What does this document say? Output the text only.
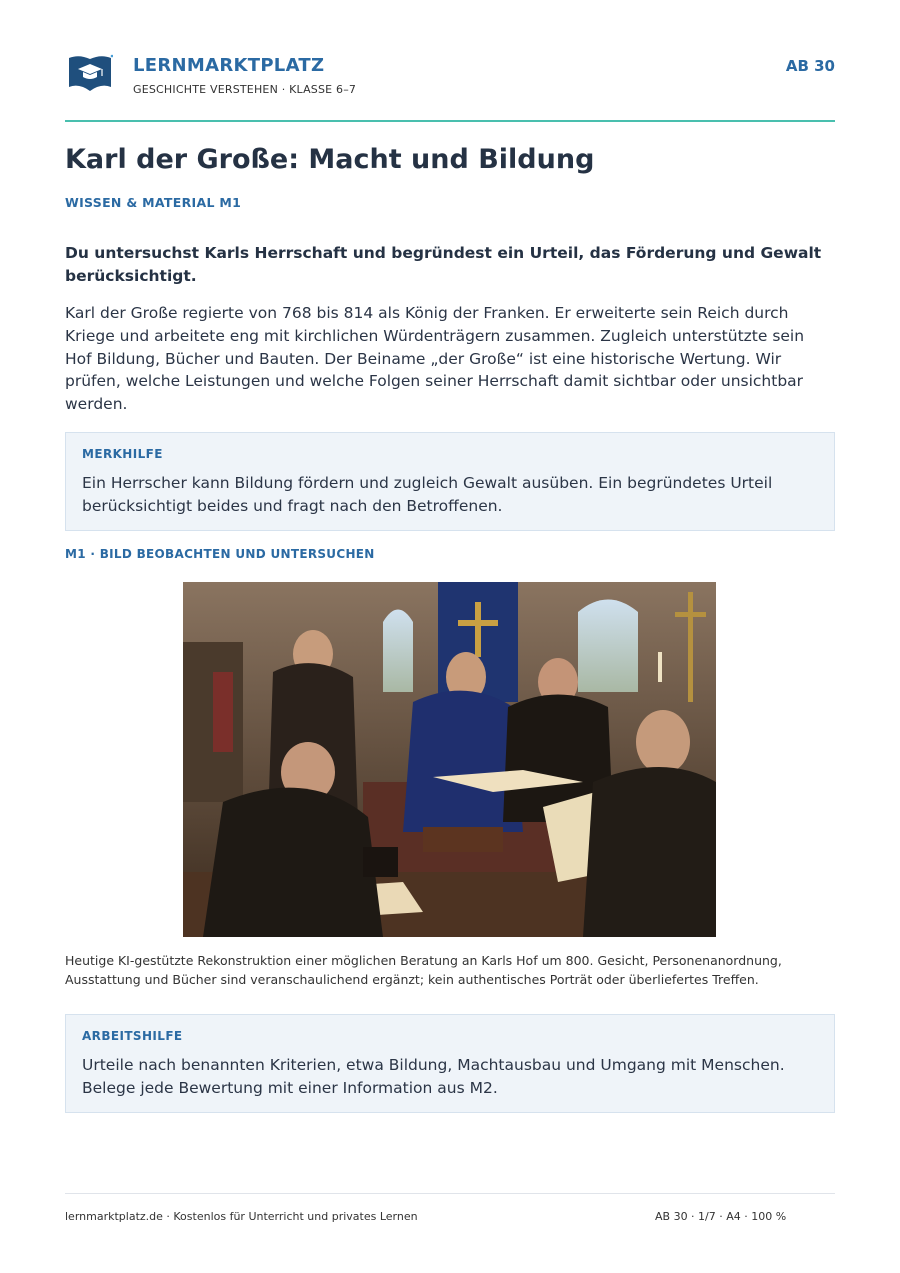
LERNMARKTPLATZ
GESCHICHTE VERSTEHEN · KLASSE 6–7
AB 30
Karl der Große: Macht und Bildung
WISSEN & MATERIAL M1

Du untersuchst Karls Herrschaft und begründest ein Urteil, das Förderung und Gewalt berücksichtigt.

Karl der Große regierte von 768 bis 814 als König der Franken. Er erweiterte sein Reich durch Kriege und arbeitete eng mit kirchlichen Würdenträgern zusammen. Zugleich unterstützte sein Hof Bildung, Bücher und Bauten. Der Beiname „der Große“ ist eine historische Wertung. Wir prüfen, welche Leistungen und welche Folgen seiner Herrschaft damit sichtbar oder unsichtbar werden.

MERKHILFE

Ein Herrscher kann Bildung fördern und zugleich Gewalt ausüben. Ein begründetes Urteil berücksichtigt beides und fragt nach den Betroffenen.

M1 · BILD BEOBACHTEN UND UNTERSUCHEN

Heutige KI-gestützte Rekonstruktion einer möglichen Beratung an Karls Hof um 800. Gesicht, Personenanordnung, Ausstattung und Bücher sind veranschaulichend ergänzt; kein authentisches Porträt oder überliefertes Treffen.

ARBEITSHILFE

Urteile nach benannten Kriterien, etwa Bildung, Machtausbau und Umgang mit Menschen. Belege jede Bewertung mit einer Information aus M2.

lernmarktplatz.de · Kostenlos für Unterricht und privates Lernen	AB 30 · 1/7 · A4 · 100 %
